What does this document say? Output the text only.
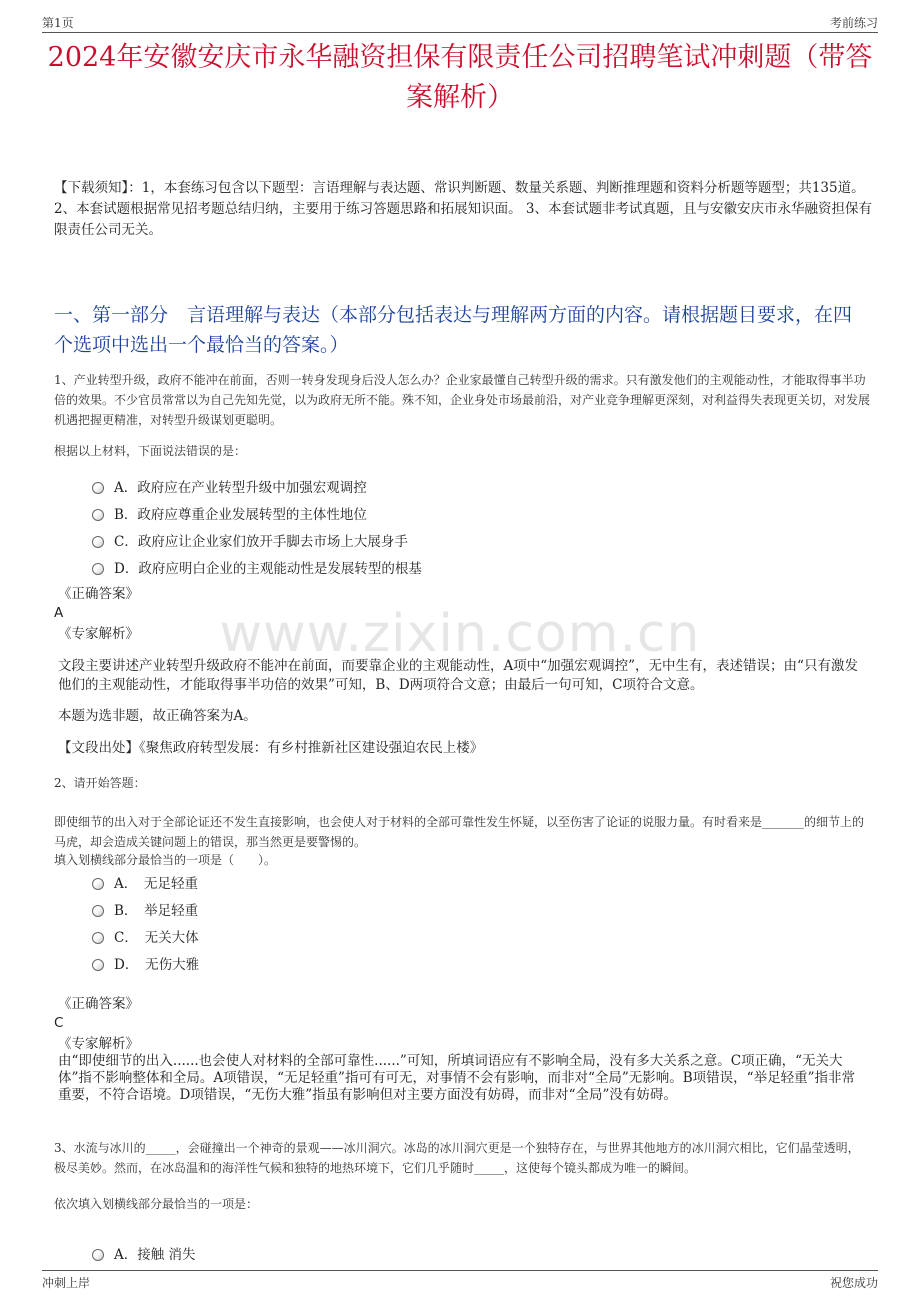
第1页	考前练习
2024年安徽安庆市永华融资担保有限责任公司招聘笔试冲刺题（带答案解析）
【下载须知】：1，本套练习包含以下题型：言语理解与表达题、常识判断题、数量关系题、判断推理题和资料分析题等题型；共135道。 2、本套试题根据常见招考题总结归纳，主要用于练习答题思路和拓展知识面。 3、本套试题非考试真题，且与安徽安庆市永华融资担保有限责任公司无关。
一、第一部分　言语理解与表达（本部分包括表达与理解两方面的内容。请根据题目要求，在四个选项中选出一个最恰当的答案。）
1、产业转型升级，政府不能冲在前面，否则一转身发现身后没人怎么办？企业家最懂自己转型升级的需求。只有激发他们的主观能动性，才能取得事半功倍的效果。不少官员常常以为自己先知先觉，以为政府无所不能。殊不知，企业身处市场最前沿，对产业竞争理解更深刻，对利益得失表现更关切，对发展机遇把握更精准，对转型升级谋划更聪明。
根据以上材料，下面说法错误的是：
A．政府应在产业转型升级中加强宏观调控
B．政府应尊重企业发展转型的主体性地位
C．政府应让企业家们放开手脚去市场上大展身手
D．政府应明白企业的主观能动性是发展转型的根基
www.zixin.com.cn
《正确答案》
A
《专家解析》
文段主要讲述产业转型升级政府不能冲在前面，而要靠企业的主观能动性，A项中“加强宏观调控”，无中生有，表述错误；由“只有激发他们的主观能动性，才能取得事半功倍的效果”可知，B、D两项符合文意；由最后一句可知，C项符合文意。
本题为选非题，故正确答案为A。
【文段出处】《聚焦政府转型发展：有乡村推新社区建设强迫农民上楼》
2、请开始答题：
即使细节的出入对于全部论证还不发生直接影响，也会使人对于材料的全部可靠性发生怀疑，以至伤害了论证的说服力量。有时看来是_______的细节上的马虎，却会造成关键问题上的错误，那当然更是要警惕的。
填入划横线部分最恰当的一项是（　　）。
A．　无足轻重
B．　举足轻重
C．　无关大体
D．　无伤大雅
《正确答案》
C
《专家解析》
由“即使细节的出入......也会使人对材料的全部可靠性......”可知，所填词语应有不影响全局，没有多大关系之意。C项正确，“无关大体”指不影响整体和全局。A项错误，“无足轻重”指可有可无，对事情不会有影响，而非对“全局”无影响。B项错误，“举足轻重”指非常重要，不符合语境。D项错误，“无伤大雅”指虽有影响但对主要方面没有妨碍，而非对“全局”没有妨碍。
3、水流与冰川的_____，会碰撞出一个神奇的景观——冰川洞穴。冰岛的冰川洞穴更是一个独特存在，与世界其他地方的冰川洞穴相比，它们晶莹透明，极尽美妙。然而，在冰岛温和的海洋性气候和独特的地热环境下，它们几乎随时_____，这使每个镜头都成为唯一的瞬间。
依次填入划横线部分最恰当的一项是：
A．接触 消失
冲刺上岸	祝您成功
